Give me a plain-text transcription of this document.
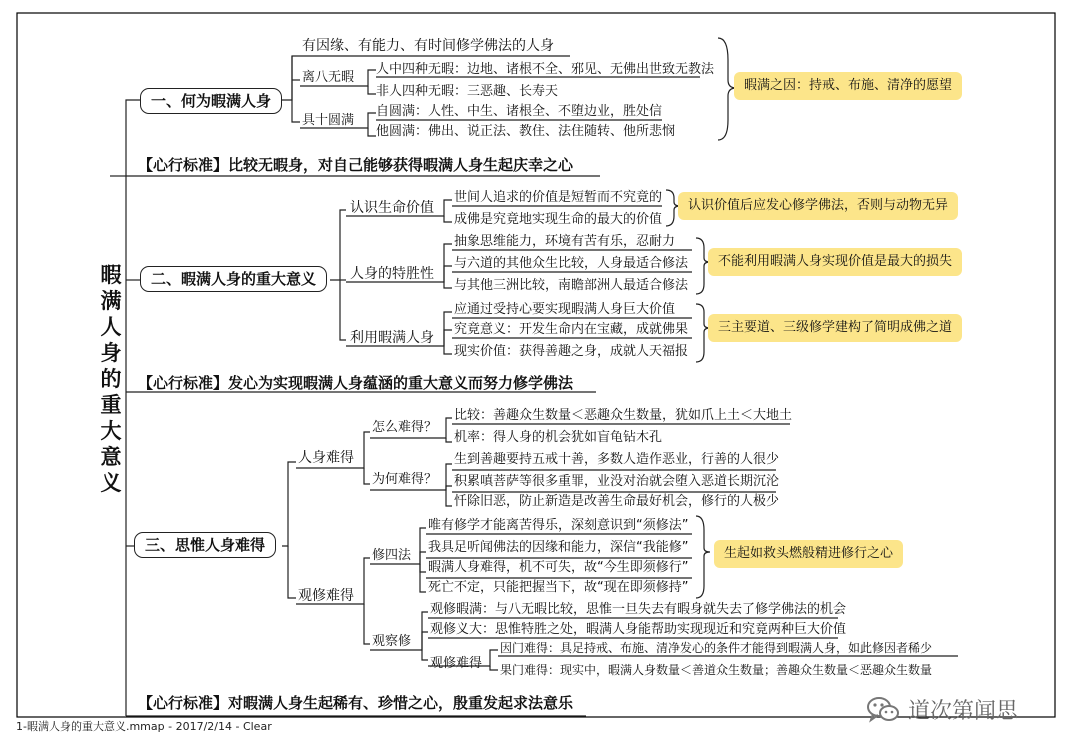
暇满人身的重大意义
一、何为暇满人身
有因缘、有能力、有时间修学佛法的人身
离八无暇
人中四种无暇：边地、诸根不全、邪见、无佛出世致无教法
非人四种无暇：三恶趣、长寿天
具十圆满
自圆满：人性、中生、诸根全、不堕边业，胜处信
他圆满：佛出、说正法、教住、法住随转、他所悲悯
暇满之因：持戒、布施、清净的愿望
【心行标准】比较无暇身，对自己能够获得暇满人身生起庆幸之心
二、暇满人身的重大意义
认识生命价值
世间人追求的价值是短暂而不究竟的
成佛是究竟地实现生命的最大的价值
人身的特胜性
抽象思维能力，环境有苦有乐，忍耐力
与六道的其他众生比较，人身最适合修法
与其他三洲比较，南瞻部洲人最适合修法
利用暇满人身
应通过受持心要实现暇满人身巨大价值
究竟意义：开发生命内在宝藏，成就佛果
现实价值：获得善趣之身，成就人天福报
认识价值后应发心修学佛法，否则与动物无异
不能利用暇满人身实现价值是最大的损失
三主要道、三级修学建构了简明成佛之道
【心行标准】发心为实现暇满人身蕴涵的重大意义而努力修学佛法
三、思惟人身难得
人身难得
怎么难得？
比较：善趣众生数量＜恶趣众生数量，犹如爪上土＜大地土
机率：得人身的机会犹如盲龟钻木孔
为何难得？
生到善趣要持五戒十善，多数人造作恶业，行善的人很少
积累嗔菩萨等很多重罪，业没对治就会堕入恶道长期沉沦
忏除旧恶，防止新造是改善生命最好机会，修行的人极少
观修难得
修四法
唯有修学才能离苦得乐，深刻意识到“须修法”
我具足听闻佛法的因缘和能力，深信“我能修”
暇满人身难得，机不可失，故“今生即须修行”
死亡不定，只能把握当下，故“现在即须修持”
生起如救头燃般精进修行之心
观察修
观修暇满：与八无暇比较，思惟一旦失去有暇身就失去了修学佛法的机会
观修义大：思惟特胜之处，暇满人身能帮助实现现近和究竟两种巨大价值
观修难得
因门难得：具足持戒、布施、清净发心的条件才能得到暇满人身，如此修因者稀少
果门难得：现实中，暇满人身数量＜善道众生数量；善趣众生数量＜恶趣众生数量
【心行标准】对暇满人身生起稀有、珍惜之心，殷重发起求法意乐
1-暇满人身的重大意义.mmap - 2017/2/14 - Clear
道次第闻思
